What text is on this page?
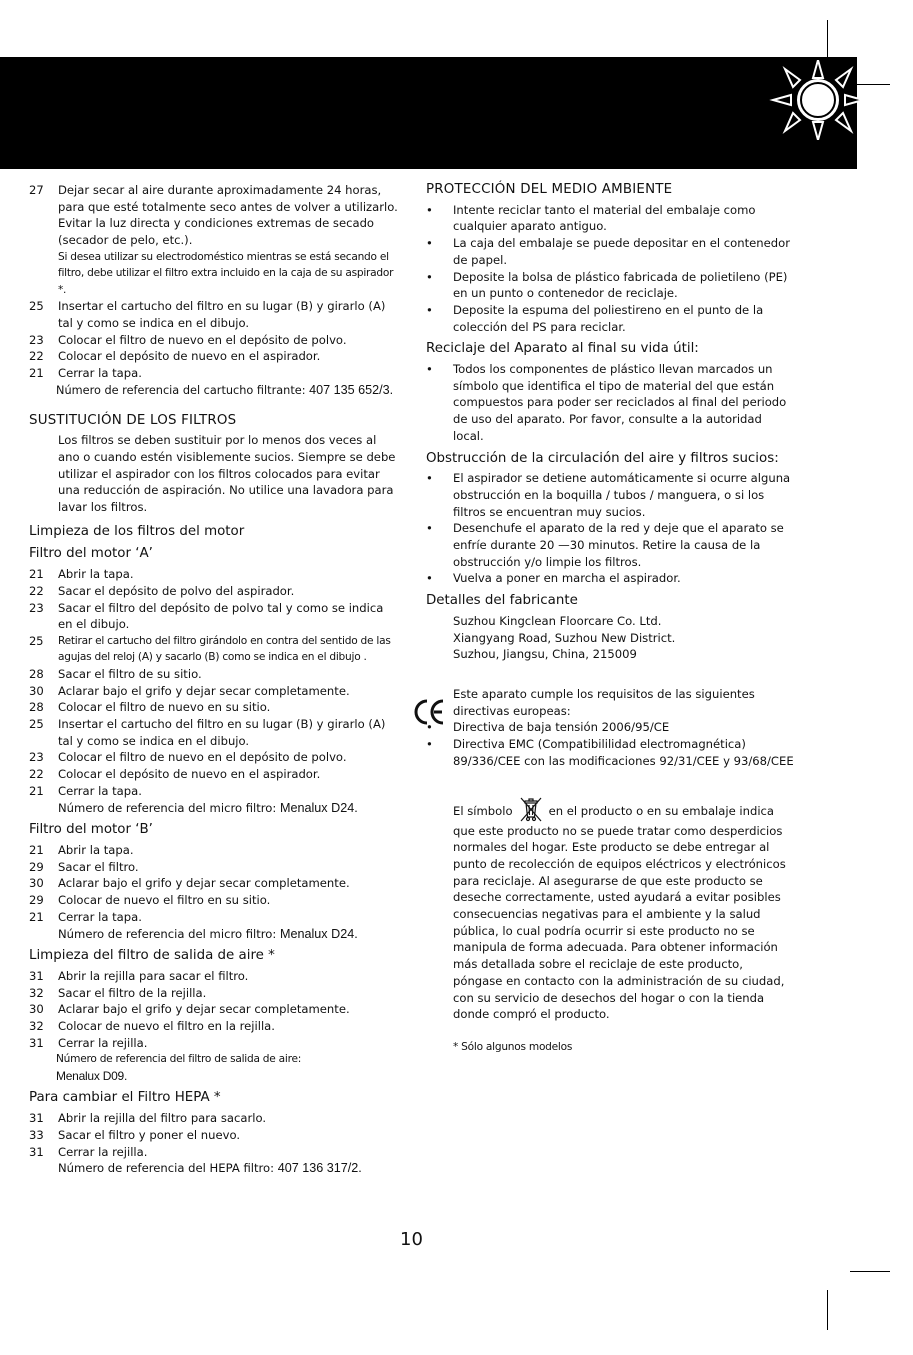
27	Dejar secar al aire durante aproximadamente 24 horas, para que esté totalmente seco antes de volver a utilizarlo. Evitar la luz directa y condiciones extremas de secado (secador de pelo, etc.).
Si desea utilizar su electrodoméstico mientras se está secando el filtro, debe utilizar el filtro extra incluido en la caja de su aspirador *.
25	Insertar el cartucho del filtro en su lugar (B) y girarlo (A) tal y como se indica en el dibujo.
23	Colocar el filtro de nuevo en el depósito de polvo.
22	Colocar el depósito de nuevo en el aspirador.
21	Cerrar la tapa.
Número de referencia del cartucho filtrante: 407 135 652/3.
SUSTITUCIÓN DE LOS FILTROS
Los filtros se deben sustituir por lo menos dos veces al ano o cuando estén visiblemente sucios. Siempre se debe utilizar el aspirador con los filtros colocados para evitar una reducción de aspiración. No utilice una lavadora para lavar los filtros.
Limpieza de los filtros del motor
Filtro del motor ‘A’
21	Abrir la tapa.
22	Sacar el depósito de polvo del aspirador.
23	Sacar el filtro del depósito de polvo tal y como se indica en el dibujo.
25	Retirar el cartucho del filtro girándolo en contra del sentido de las agujas del reloj (A) y sacarlo (B) como se indica en el dibujo .
28	Sacar el filtro de su sitio.
30	Aclarar bajo el grifo y dejar secar completamente.
28	Colocar el filtro de nuevo en su sitio.
25	Insertar el cartucho del filtro en su lugar (B) y girarlo (A) tal y como se indica en el dibujo.
23	Colocar el filtro de nuevo en el depósito de polvo.
22	Colocar el depósito de nuevo en el aspirador.
21	Cerrar la tapa.
Número de referencia del micro filtro: Menalux D24.
Filtro del motor ‘B’
21	Abrir la tapa.
29	Sacar el filtro.
30	Aclarar bajo el grifo y dejar secar completamente.
29	Colocar de nuevo el filtro en su sitio.
21	Cerrar la tapa.
Número de referencia del micro filtro: Menalux D24.
Limpieza del filtro de salida de aire *
31	Abrir la rejilla para sacar el filtro.
32	Sacar el filtro de la rejilla.
30	Aclarar bajo el grifo y dejar secar completamente.
32	Colocar de nuevo el filtro en la rejilla.
31	Cerrar la rejilla.
Número de referencia del filtro de salida de aire:
Menalux D09.
Para cambiar el Filtro HEPA *
31	Abrir la rejilla del filtro para sacarlo.
33	Sacar el filtro y poner el nuevo.
31	Cerrar la rejilla.
Número de referencia del HEPA filtro: 407 136 317/2.
PROTECCIÓN DEL MEDIO AMBIENTE
•	Intente reciclar tanto el material del embalaje como cualquier aparato antiguo.
•	La caja del embalaje se puede depositar en el contenedor de papel.
•	Deposite la bolsa de plástico fabricada de polietileno (PE) en un punto o contenedor de reciclaje.
•	Deposite la espuma del poliestireno en el punto de la colección del PS para reciclar.
Reciclaje del Aparato al final su vida útil:
•	Todos los componentes de plástico llevan marcados un símbolo que identifica el tipo de material del que están compuestos para poder ser reciclados al final del periodo de uso del aparato. Por favor, consulte a la autoridad local.
Obstrucción de la circulación del aire y filtros sucios:
•	El aspirador se detiene automáticamente si ocurre alguna obstrucción en la boquilla / tubos / manguera, o si los filtros se encuentran muy sucios.
•	Desenchufe el aparato de la red y deje que el aparato se enfríe durante 20 —30 minutos. Retire la causa de la obstrucción y/o limpie los filtros.
•	Vuelva a poner en marcha el aspirador.
Detalles del fabricante
Suzhou Kingclean Floorcare Co. Ltd.
Xiangyang Road, Suzhou New District.
Suzhou, Jiangsu, China, 215009
Este aparato cumple los requisitos de las siguientes directivas europeas:
•	Directiva de baja tensión 2006/95/CE
•	Directiva EMC (Compatibililidad electromagnética) 89/336/CEE con las modificaciones 92/31/CEE y 93/68/CEE
El símbolo	en el producto o en su embalaje indica que este producto no se puede tratar como desperdicios normales del hogar. Este producto se debe entregar al punto de recolección de equipos eléctricos y electrónicos para reciclaje. Al asegurarse de que este producto se deseche correctamente, usted ayudará a evitar posibles consecuencias negativas para el ambiente y la salud pública, lo cual podría ocurrir si este producto no se manipula de forma adecuada. Para obtener información más detallada sobre el reciclaje de este producto, póngase en contacto con la administración de su ciudad, con su servicio de desechos del hogar o con la tienda donde compró el producto.
* Sólo algunos modelos
10
